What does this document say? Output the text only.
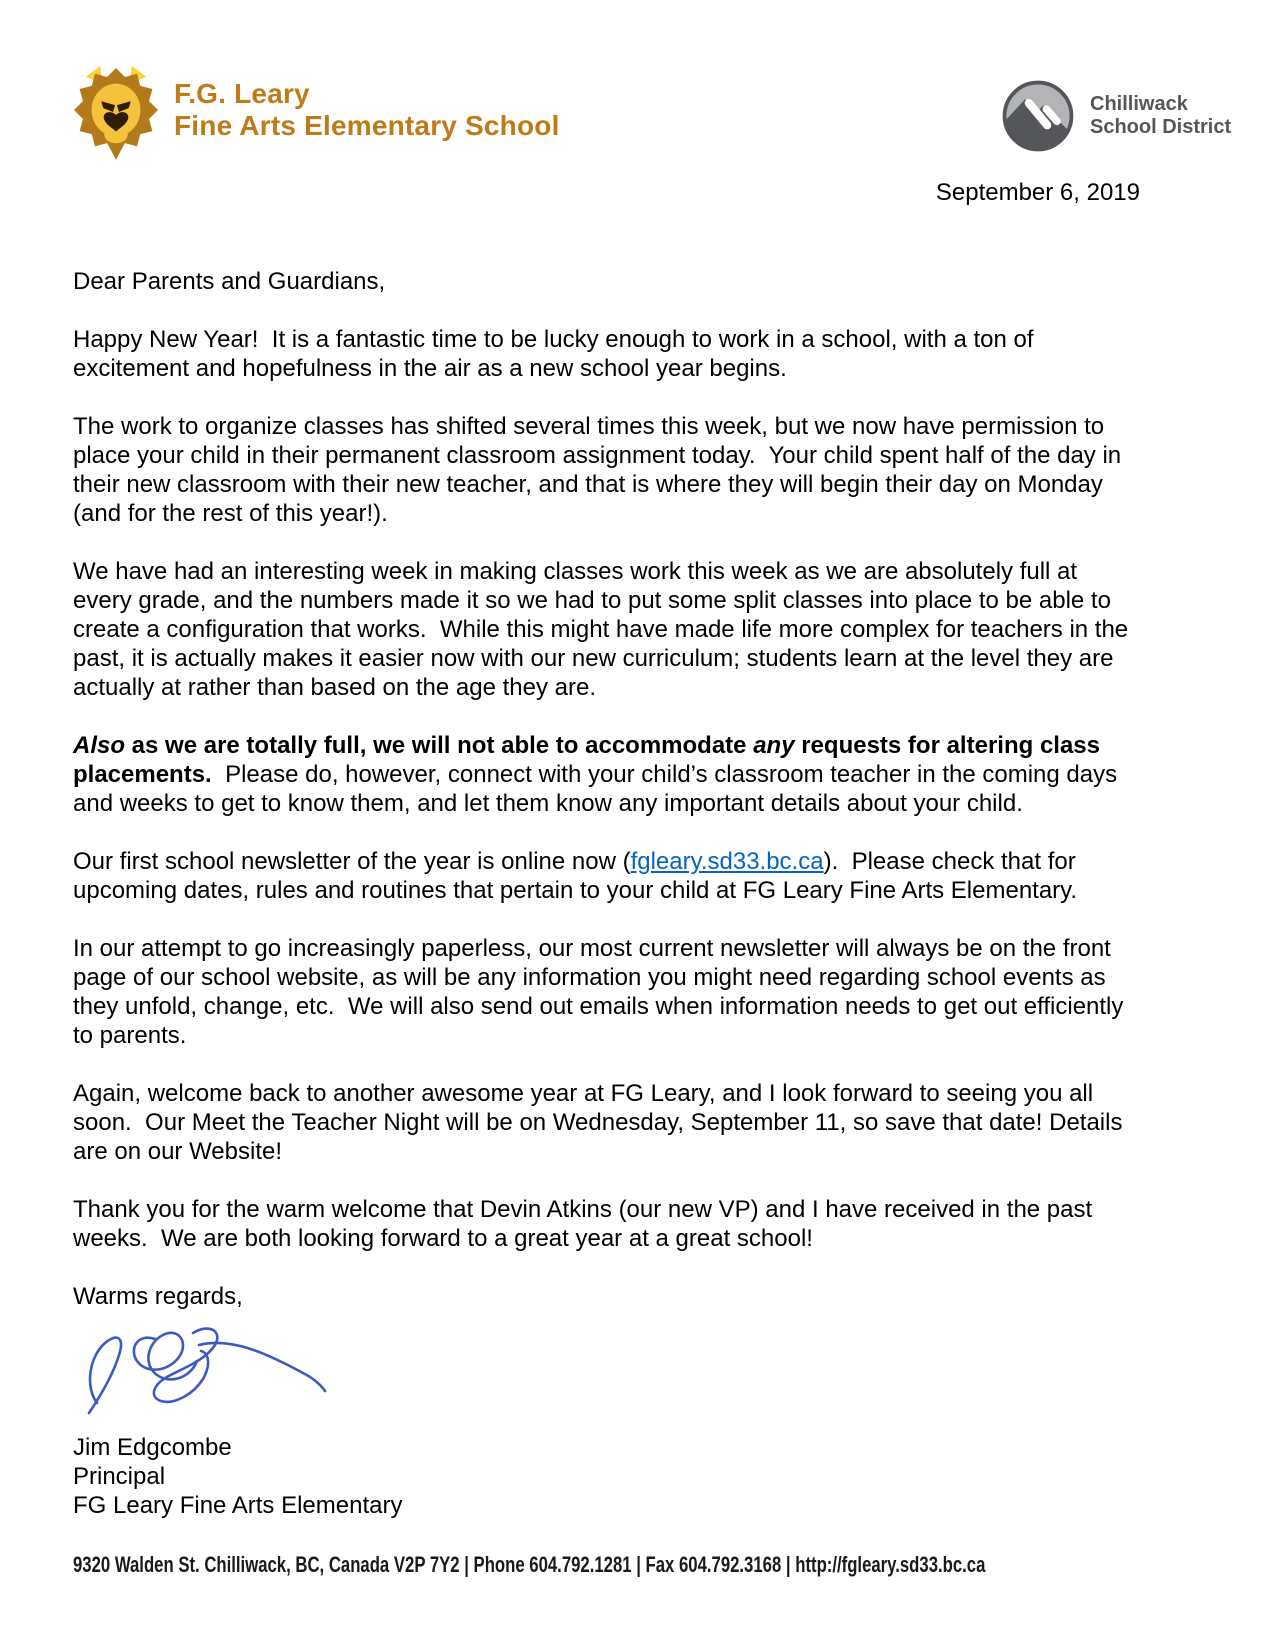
F.G. Leary
Fine Arts Elementary School
Chilliwack
School District
September 6, 2019

Dear Parents and Guardians,

Happy New Year!  It is a fantastic time to be lucky enough to work in a school, with a ton of excitement and hopefulness in the air as a new school year begins.

The work to organize classes has shifted several times this week, but we now have permission to place your child in their permanent classroom assignment today.  Your child spent half of the day in their new classroom with their new teacher, and that is where they will begin their day on Monday (and for the rest of this year!).

We have had an interesting week in making classes work this week as we are absolutely full at every grade, and the numbers made it so we had to put some split classes into place to be able to create a configuration that works.  While this might have made life more complex for teachers in the past, it is actually makes it easier now with our new curriculum; students learn at the level they are actually at rather than based on the age they are.

Also as we are totally full, we will not able to accommodate any requests for altering class placements.  Please do, however, connect with your child’s classroom teacher in the coming days and weeks to get to know them, and let them know any important details about your child.

Our first school newsletter of the year is online now (fgleary.sd33.bc.ca).  Please check that for upcoming dates, rules and routines that pertain to your child at FG Leary Fine Arts Elementary.

In our attempt to go increasingly paperless, our most current newsletter will always be on the front page of our school website, as will be any information you might need regarding school events as they unfold, change, etc.  We will also send out emails when information needs to get out efficiently to parents.

Again, welcome back to another awesome year at FG Leary, and I look forward to seeing you all soon.  Our Meet the Teacher Night will be on Wednesday, September 11, so save that date! Details are on our Website!

Thank you for the warm welcome that Devin Atkins (our new VP) and I have received in the past weeks.  We are both looking forward to a great year at a great school!

Warms regards,

Jim Edgcombe
Principal
FG Leary Fine Arts Elementary
9320 Walden St. Chilliwack, BC, Canada V2P 7Y2 | Phone 604.792.1281 | Fax 604.792.3168 | http://fgleary.sd33.bc.ca
